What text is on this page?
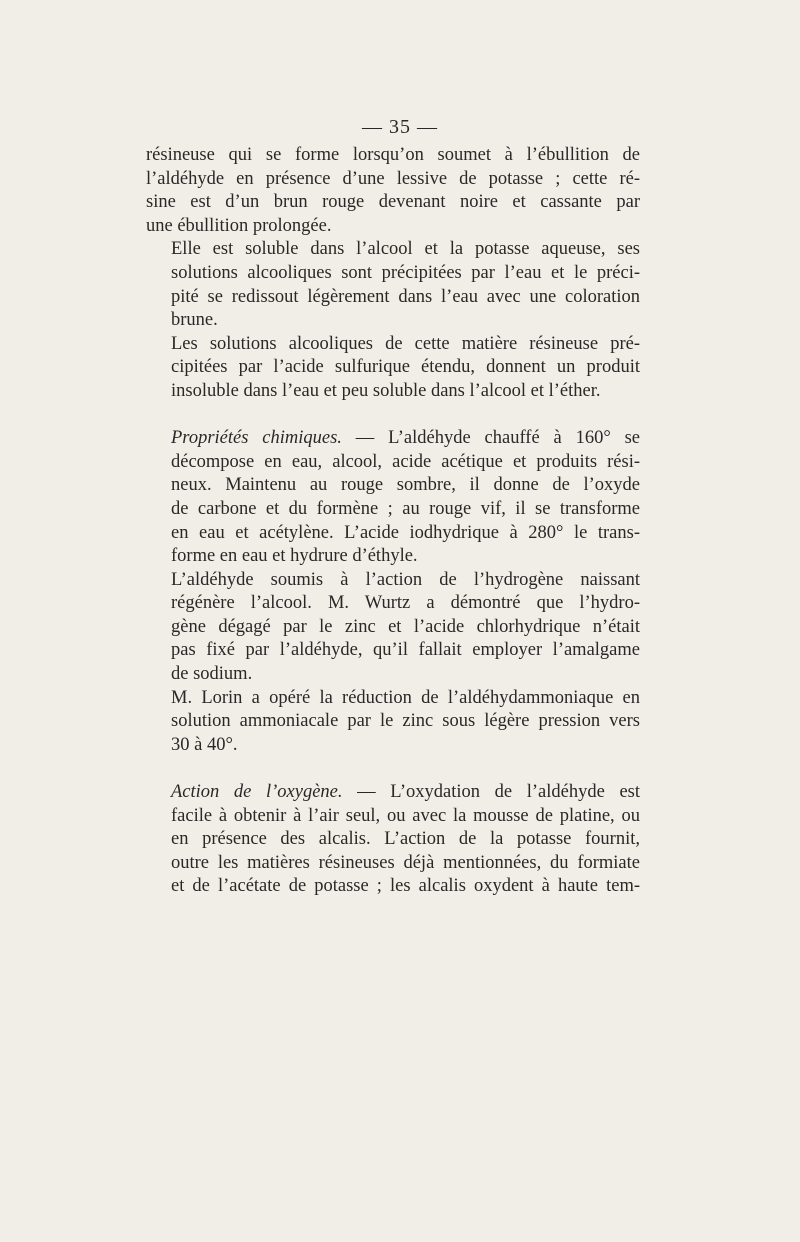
— 35 —

résineuse qui se forme lorsqu’on soumet à l’ébullition de
l’aldéhyde en présence d’une lessive de potasse ; cette ré-
sine est d’un brun rouge devenant noire et cassante par
une ébullition prolongée.

Elle est soluble dans l’alcool et la potasse aqueuse, ses
solutions alcooliques sont précipitées par l’eau et le préci-
pité se redissout légèrement dans l’eau avec une coloration
brune.

Les solutions alcooliques de cette matière résineuse pré-
cipitées par l’acide sulfurique étendu, donnent un produit
insoluble dans l’eau et peu soluble dans l’alcool et l’éther.

Propriétés chimiques. — L’aldéhyde chauffé à 160° se
décompose en eau, alcool, acide acétique et produits rési-
neux. Maintenu au rouge sombre, il donne de l’oxyde
de carbone et du formène ; au rouge vif, il se transforme
en eau et acétylène. L’acide iodhydrique à 280° le trans-
forme en eau et hydrure d’éthyle.

L’aldéhyde soumis à l’action de l’hydrogène naissant
régénère l’alcool. M. Wurtz a démontré que l’hydro-
gène dégagé par le zinc et l’acide chlorhydrique n’était
pas fixé par l’aldéhyde, qu’il fallait employer l’amalgame
de sodium.

M. Lorin a opéré la réduction de l’aldéhydammoniaque en
solution ammoniacale par le zinc sous légère pression vers
30 à 40°.

Action de l’oxygène. — L’oxydation de l’aldéhyde est
facile à obtenir à l’air seul, ou avec la mousse de platine, ou
en présence des alcalis. L’action de la potasse fournit,
outre les matières résineuses déjà mentionnées, du formiate
et de l’acétate de potasse ; les alcalis oxydent à haute tem-
